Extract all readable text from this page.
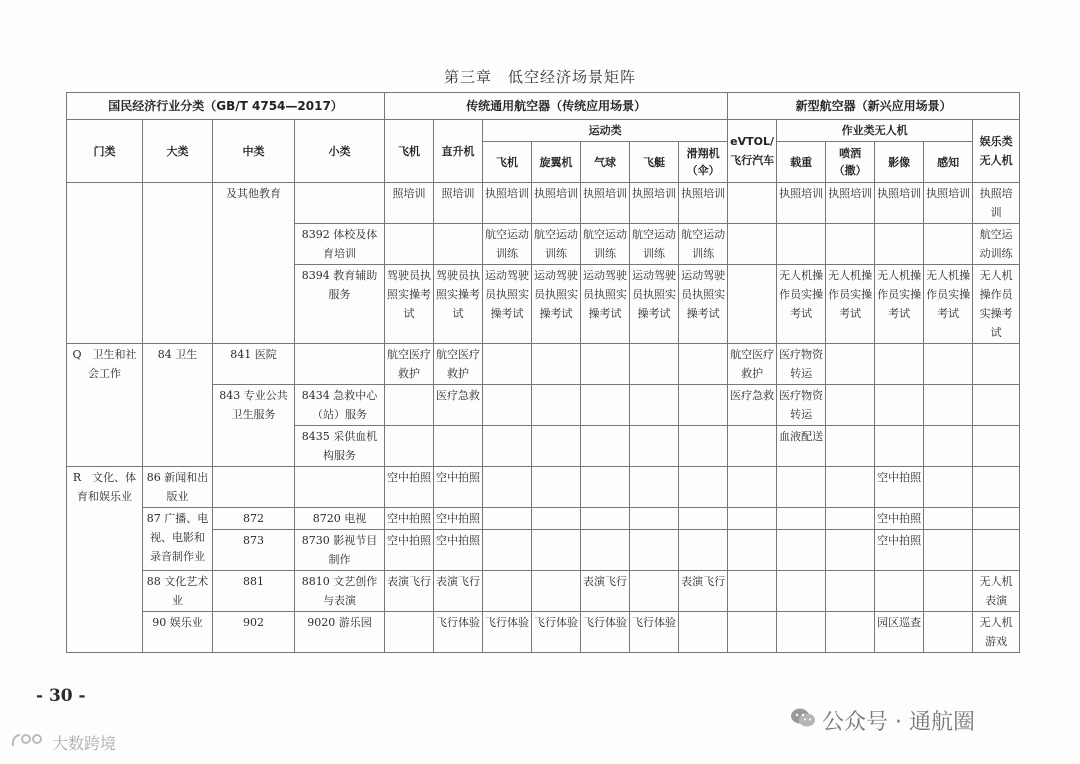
第三章　低空经济场景矩阵
国民经济行业分类（GB/T 4754—2017）				传统通用航空器（传统应用场景）							新型航空器（新兴应用场景）					
门类	大类	中类	小类	飞机	直升机	运动类					eVTOL/飞行汽车	作业类无人机				娱乐类无人机
						飞机	旋翼机	气球	飞艇	滑翔机（伞）		载重	喷洒（撒）	影像	感知	
		及其他教育		照培训	照培训	执照培训	执照培训	执照培训	执照培训	执照培训		执照培训	执照培训	执照培训	执照培训	执照培训
			8392 体校及体育培训			航空运动训练	航空运动训练	航空运动训练	航空运动训练	航空运动训练						航空运动训练
			8394 教育辅助服务	驾驶员执照实操考试	驾驶员执照实操考试	运动驾驶员执照实操考试	运动驾驶员执照实操考试	运动驾驶员执照实操考试	运动驾驶员执照实操考试	运动驾驶员执照实操考试		无人机操作员实操考试	无人机操作员实操考试	无人机操作员实操考试	无人机操作员实操考试	无人机操作员实操考试
Q　卫生和社会工作	84 卫生	841 医院		航空医疗救护	航空医疗救护						航空医疗救护	医疗物资转运				
		843 专业公共卫生服务	8434 急救中心（站）服务		医疗急救						医疗急救	医疗物资转运				
			8435 采供血机构服务									血液配送				
R　文化、体育和娱乐业	86 新闻和出版业			空中拍照	空中拍照									空中拍照		
	87 广播、电视、电影和录音制作业	872	8720 电视	空中拍照	空中拍照									空中拍照		
		873	8730 影视节目制作	空中拍照	空中拍照									空中拍照		
	88 文化艺术业	881	8810 文艺创作与表演	表演飞行	表演飞行			表演飞行		表演飞行						无人机表演
	90 娱乐业	902	9020 游乐园		飞行体验	飞行体验	飞行体验	飞行体验	飞行体验					园区巡查		无人机游戏
- 30 -
公众号 · 通航圈
大数跨境
